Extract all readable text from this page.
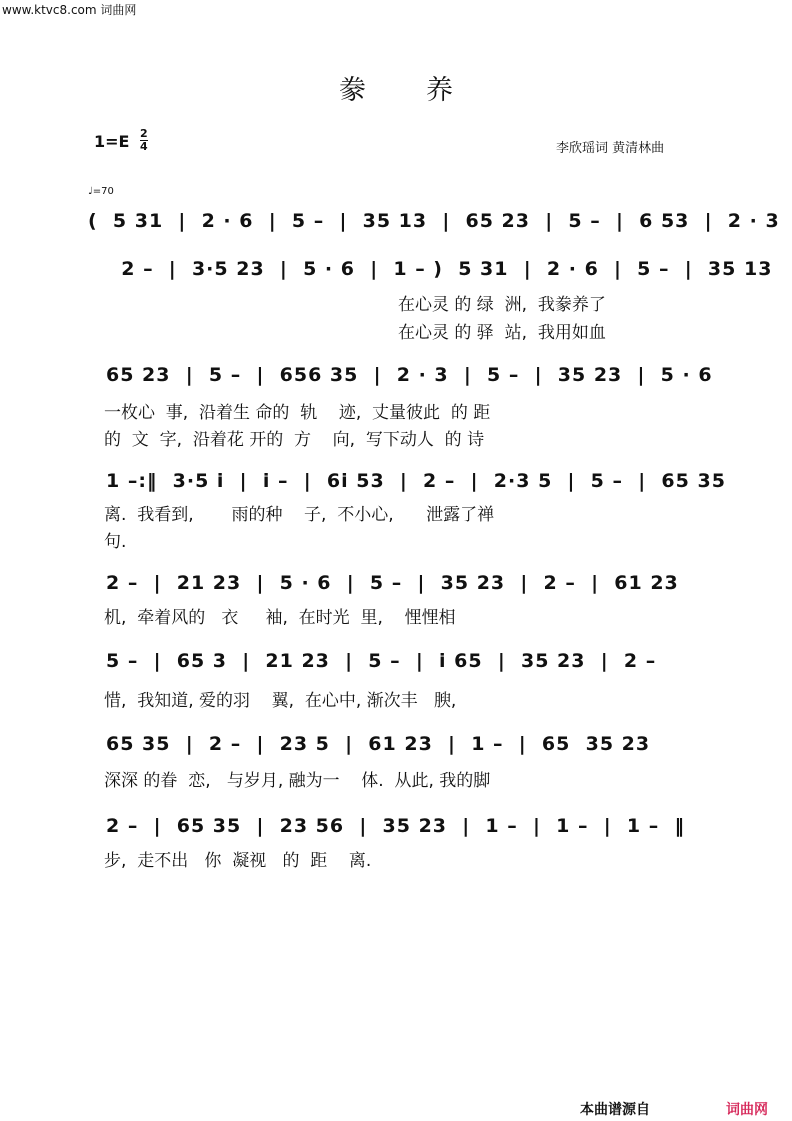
www.ktvc8.com 词曲网
豢养
1=E 2
4	李欣瑶词 黄清林曲
♩=70
(  5 31  |  2 · 6  |  5 –  |  35 13  |  65 23  |  5 –  |  6 53  |  2 · 3
2 –  |  3·5 23  |  5 · 6  |  1 – )  5 31  |  2 · 6  |  5 –  |  35 13
在心灵 的 绿  洲,  我豢养了
在心灵 的 驿  站,  我用如血
65 23  |  5 –  |  656 35  |  2 · 3  |  5 –  |  35 23  |  5 · 6
一枚心  事,  沿着生 命的  轨    迹,  丈量彼此  的 距
的  文  字,  沿着花 开的  方    向,  写下动人  的 诗
1 –:‖  3·5 i  |  i –  |  6i 53  |  2 –  |  2·3 5  |  5 –  |  65 35
离.  我看到,       雨的种    子,  不小心,      泄露了禅
句.
2 –  |  21 23  |  5 · 6  |  5 –  |  35 23  |  2 –  |  61 23
机,  牵着风的   衣     袖,  在时光  里,    悝悝相
5 –  |  65 3  |  21 23  |  5 –  |  i 65  |  35 23  |  2 –
惜,  我知道, 爱的羽    翼,  在心中, 渐次丰   腴,
65 35  |  2 –  |  23 5  |  61 23  |  1 –  |  65  35 23
深深 的眷  恋,   与岁月, 融为一    体.  从此, 我的脚
2 –  |  65 35  |  23 56  |  35 23  |  1 –  |  1 –  |  1 –  ‖
步,  走不出   你  凝视   的  距    离.
本曲谱源自	词曲网
